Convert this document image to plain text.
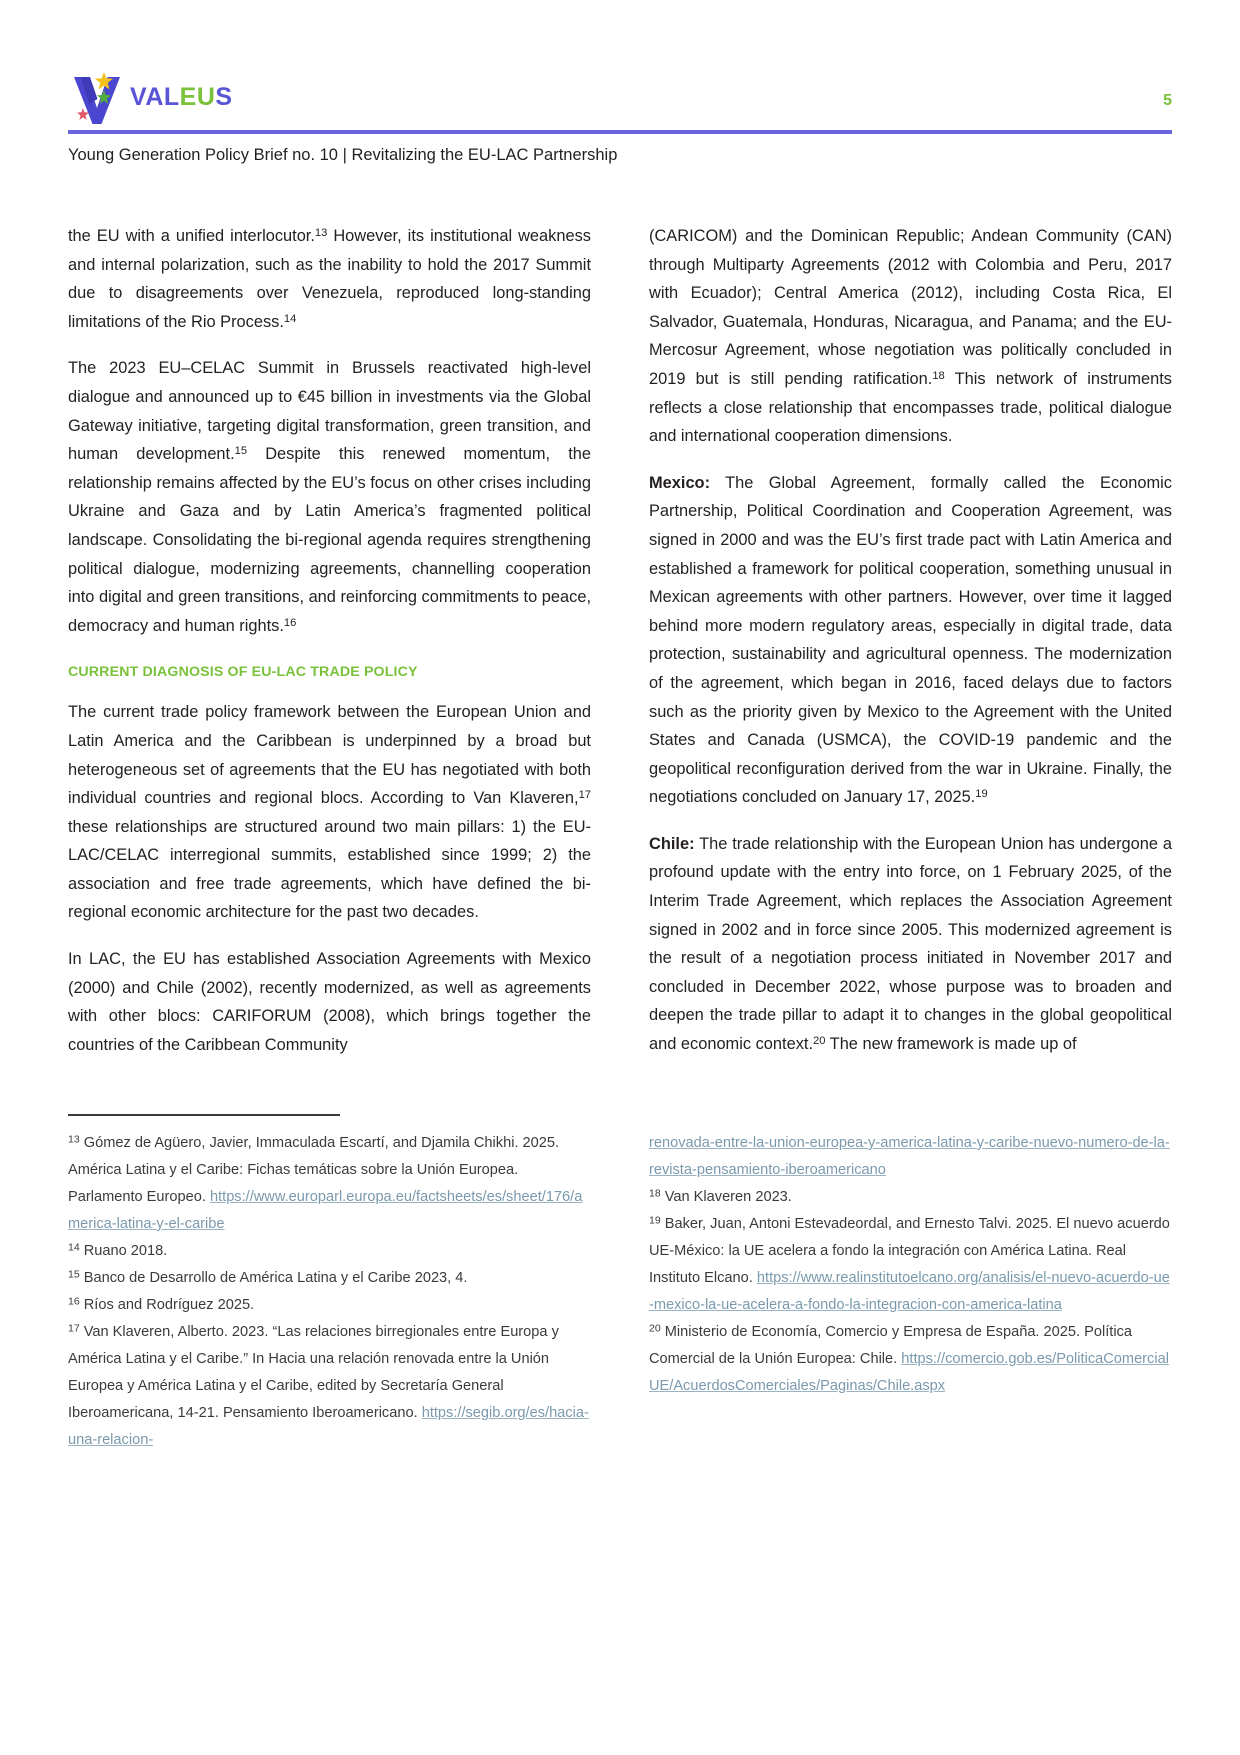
VALEUS	5
Young Generation Policy Brief no. 10 | Revitalizing the EU-LAC Partnership

the EU with a unified interlocutor.$^{13}$ However, its institutional weakness and internal polarization, such as the inability to hold the 2017 Summit due to disagreements over Venezuela, reproduced long-standing limitations of the Rio Process.$^{14}$

The 2023 EU–CELAC Summit in Brussels reactivated high-level dialogue and announced up to €45 billion in investments via the Global Gateway initiative, targeting digital transformation, green transition, and human development.$^{15}$ Despite this renewed momentum, the relationship remains affected by the EU’s focus on other crises including Ukraine and Gaza and by Latin America’s fragmented political landscape. Consolidating the bi-regional agenda requires strengthening political dialogue, modernizing agreements, channelling cooperation into digital and green transitions, and reinforcing commitments to peace, democracy and human rights.$^{16}$

CURRENT DIAGNOSIS OF EU-LAC TRADE POLICY

The current trade policy framework between the European Union and Latin America and the Caribbean is underpinned by a broad but heterogeneous set of agreements that the EU has negotiated with both individual countries and regional blocs. According to Van Klaveren,$^{17}$ these relationships are structured around two main pillars: 1) the EU-LAC/CELAC interregional summits, established since 1999; 2) the association and free trade agreements, which have defined the bi-regional economic architecture for the past two decades.

In LAC, the EU has established Association Agreements with Mexico (2000) and Chile (2002), recently modernized, as well as agreements with other blocs: CARIFORUM (2008), which brings together the countries of the Caribbean Community

(CARICOM) and the Dominican Republic; Andean Community (CAN) through Multiparty Agreements (2012 with Colombia and Peru, 2017 with Ecuador); Central America (2012), including Costa Rica, El Salvador, Guatemala, Honduras, Nicaragua, and Panama; and the EU-Mercosur Agreement, whose negotiation was politically concluded in 2019 but is still pending ratification.$^{18}$ This network of instruments reflects a close relationship that encompasses trade, political dialogue and international cooperation dimensions.

Mexico: The Global Agreement, formally called the Economic Partnership, Political Coordination and Cooperation Agreement, was signed in 2000 and was the EU’s first trade pact with Latin America and established a framework for political cooperation, something unusual in Mexican agreements with other partners. However, over time it lagged behind more modern regulatory areas, especially in digital trade, data protection, sustainability and agricultural openness. The modernization of the agreement, which began in 2016, faced delays due to factors such as the priority given by Mexico to the Agreement with the United States and Canada (USMCA), the COVID-19 pandemic and the geopolitical reconfiguration derived from the war in Ukraine. Finally, the negotiations concluded on January 17, 2025.19

Chile: The trade relationship with the European Union has undergone a profound update with the entry into force, on 1 February 2025, of the Interim Trade Agreement, which replaces the Association Agreement signed in 2002 and in force since 2005. This modernized agreement is the result of a negotiation process initiated in November 2017 and concluded in December 2022, whose purpose was to broaden and deepen the trade pillar to adapt it to changes in the global geopolitical and economic context.$^{20}$ The new framework is made up of

$^{13}$ Gómez de Agüero, Javier, Immaculada Escartí, and Djamila Chikhi. 2025. América Latina y el Caribe: Fichas temáticas sobre la Unión Europea. Parlamento Europeo. https://www.europarl.europa.eu/factsheets/es/sheet/176/america-latina-y-el-caribe

$^{14}$ Ruano 2018.

$^{15}$ Banco de Desarrollo de América Latina y el Caribe 2023, 4.

$^{16}$ Ríos and Rodríguez 2025.

$^{17}$ Van Klaveren, Alberto. 2023. “Las relaciones birregionales entre Europa y América Latina y el Caribe.” In Hacia una relación renovada entre la Unión Europea y América Latina y el Caribe, edited by Secretaría General Iberoamericana, 14-21. Pensamiento Iberoamericano. https://segib.org/es/hacia-una-relacion-

renovada-entre-la-union-europea-y-america-latina-y-caribe-nuevo-numero-de-la-revista-pensamiento-iberoamericano

$^{18}$ Van Klaveren 2023.

$^{19}$ Baker, Juan, Antoni Estevadeordal, and Ernesto Talvi. 2025. El nuevo acuerdo UE-México: la UE acelera a fondo la integración con América Latina. Real Instituto Elcano. https://www.realinstitutoelcano.org/analisis/el-nuevo-acuerdo-ue-mexico-la-ue-acelera-a-fondo-la-integracion-con-america-latina

$^{20}$ Ministerio de Economía, Comercio y Empresa de España. 2025. Política Comercial de la Unión Europea: Chile. https://comercio.gob.es/PoliticaComercialUE/AcuerdosComerciales/Paginas/Chile.aspx
